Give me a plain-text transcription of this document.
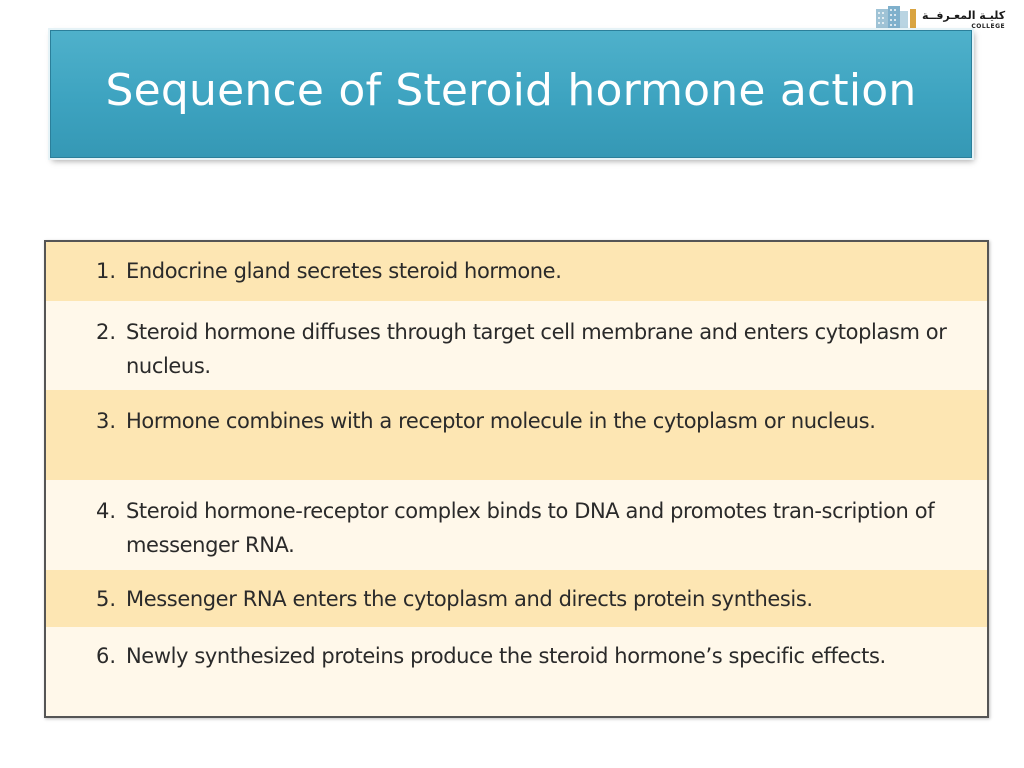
كليـة المعـرفــة
COLLEGE
Sequence of Steroid hormone action
1. Endocrine gland secretes steroid hormone.
2. Steroid hormone diffuses through target cell membrane and enters cytoplasm or nucleus.
3. Hormone combines with a receptor molecule in the cytoplasm or nucleus.
4. Steroid hormone-receptor complex binds to DNA and promotes tran-scription of messenger RNA.
5. Messenger RNA enters the cytoplasm and directs protein synthesis.
6. Newly synthesized proteins produce the steroid hormone’s specific effects.
